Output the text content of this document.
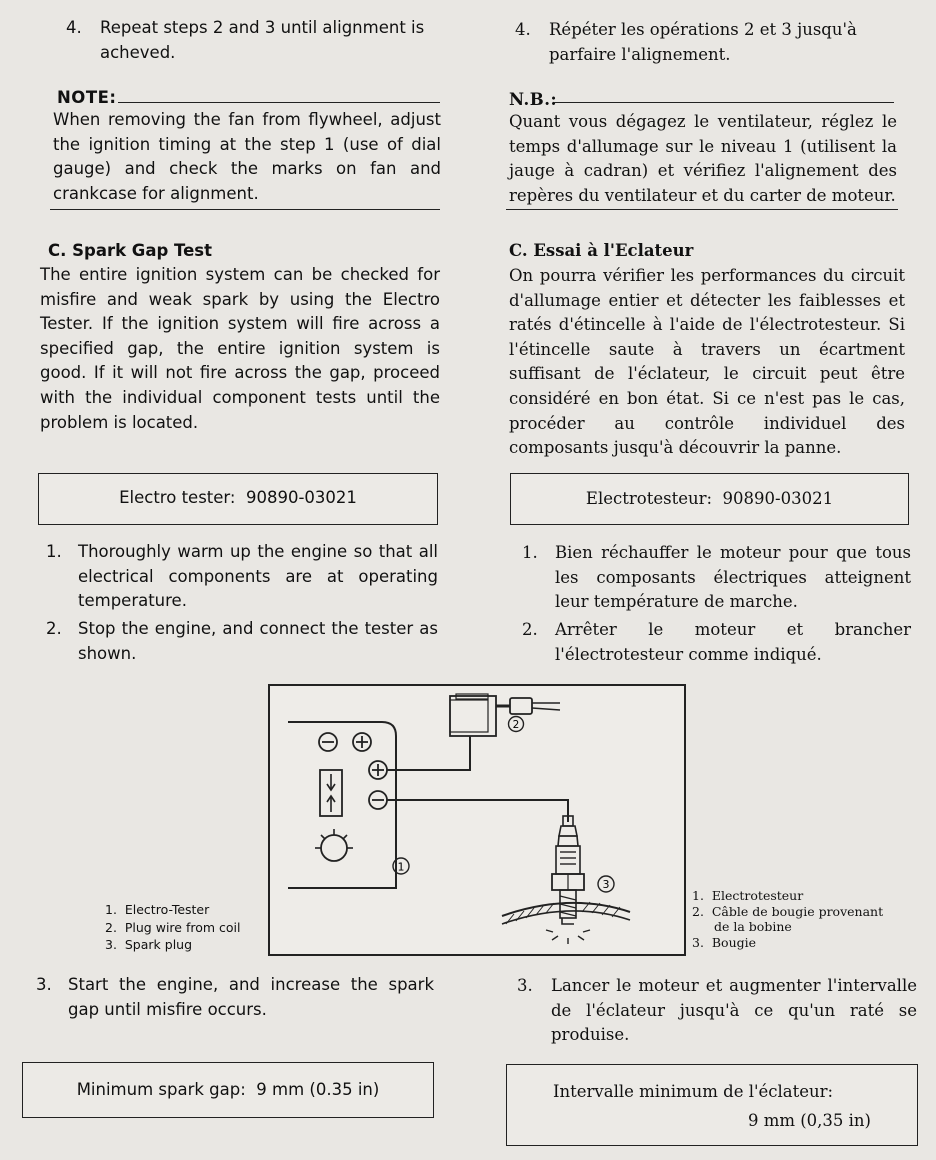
4. Repeat steps 2 and 3 until alignment is acheved.
NOTE:
When removing the fan from flywheel, adjust the ignition timing at the step 1 (use of dial gauge) and check the marks on fan and crankcase for alignment.
C. Spark Gap Test
The entire ignition system can be checked for misfire and weak spark by using the Electro Tester. If the ignition system will fire across a specified gap, the entire ignition system is good. If it will not fire across the gap, proceed with the individual component tests until the problem is located.
Electro tester:  90890-03021
1. Thoroughly warm up the engine so that all electrical components are at operating temperature.
2. Stop the engine, and connect the tester as shown.
1.  Electro-Tester
2.  Plug wire from coil
3.  Spark plug
3. Start the engine, and increase the spark gap until misfire occurs.
Minimum spark gap:  9 mm (0.35 in)
4. Répéter les opérations 2 et 3 jusqu'à parfaire l'alignement.
N.B.:
Quant vous dégagez le ventilateur, réglez le temps d'allumage sur le niveau 1 (utilisent la jauge à cadran) et vérifiez l'alignement des repères du ventilateur et du carter de moteur.
C. Essai à l'Eclateur
On pourra vérifier les performances du circuit d'allumage entier et détecter les faiblesses et ratés d'étincelle à l'aide de l'électrotesteur. Si l'étincelle saute à travers un écartment suffisant de l'éclateur, le circuit peut être considéré en bon état. Si ce n'est pas le cas, procéder au contrôle individuel des composants jusqu'à découvrir la panne.
Electrotesteur:  90890-03021
1. Bien réchauffer le moteur pour que tous les composants électriques atteignent leur température de marche.
2. Arrêter le moteur et brancher l'électrotesteur comme indiqué.
1.  Electrotesteur
2.  Câble de bougie provenant
de la bobine
3.  Bougie
3. Lancer le moteur et augmenter l'intervalle de l'éclateur jusqu'à ce qu'un raté se produise.
Intervalle minimum de l'éclateur:
9 mm (0,35 in)
1
2
3
